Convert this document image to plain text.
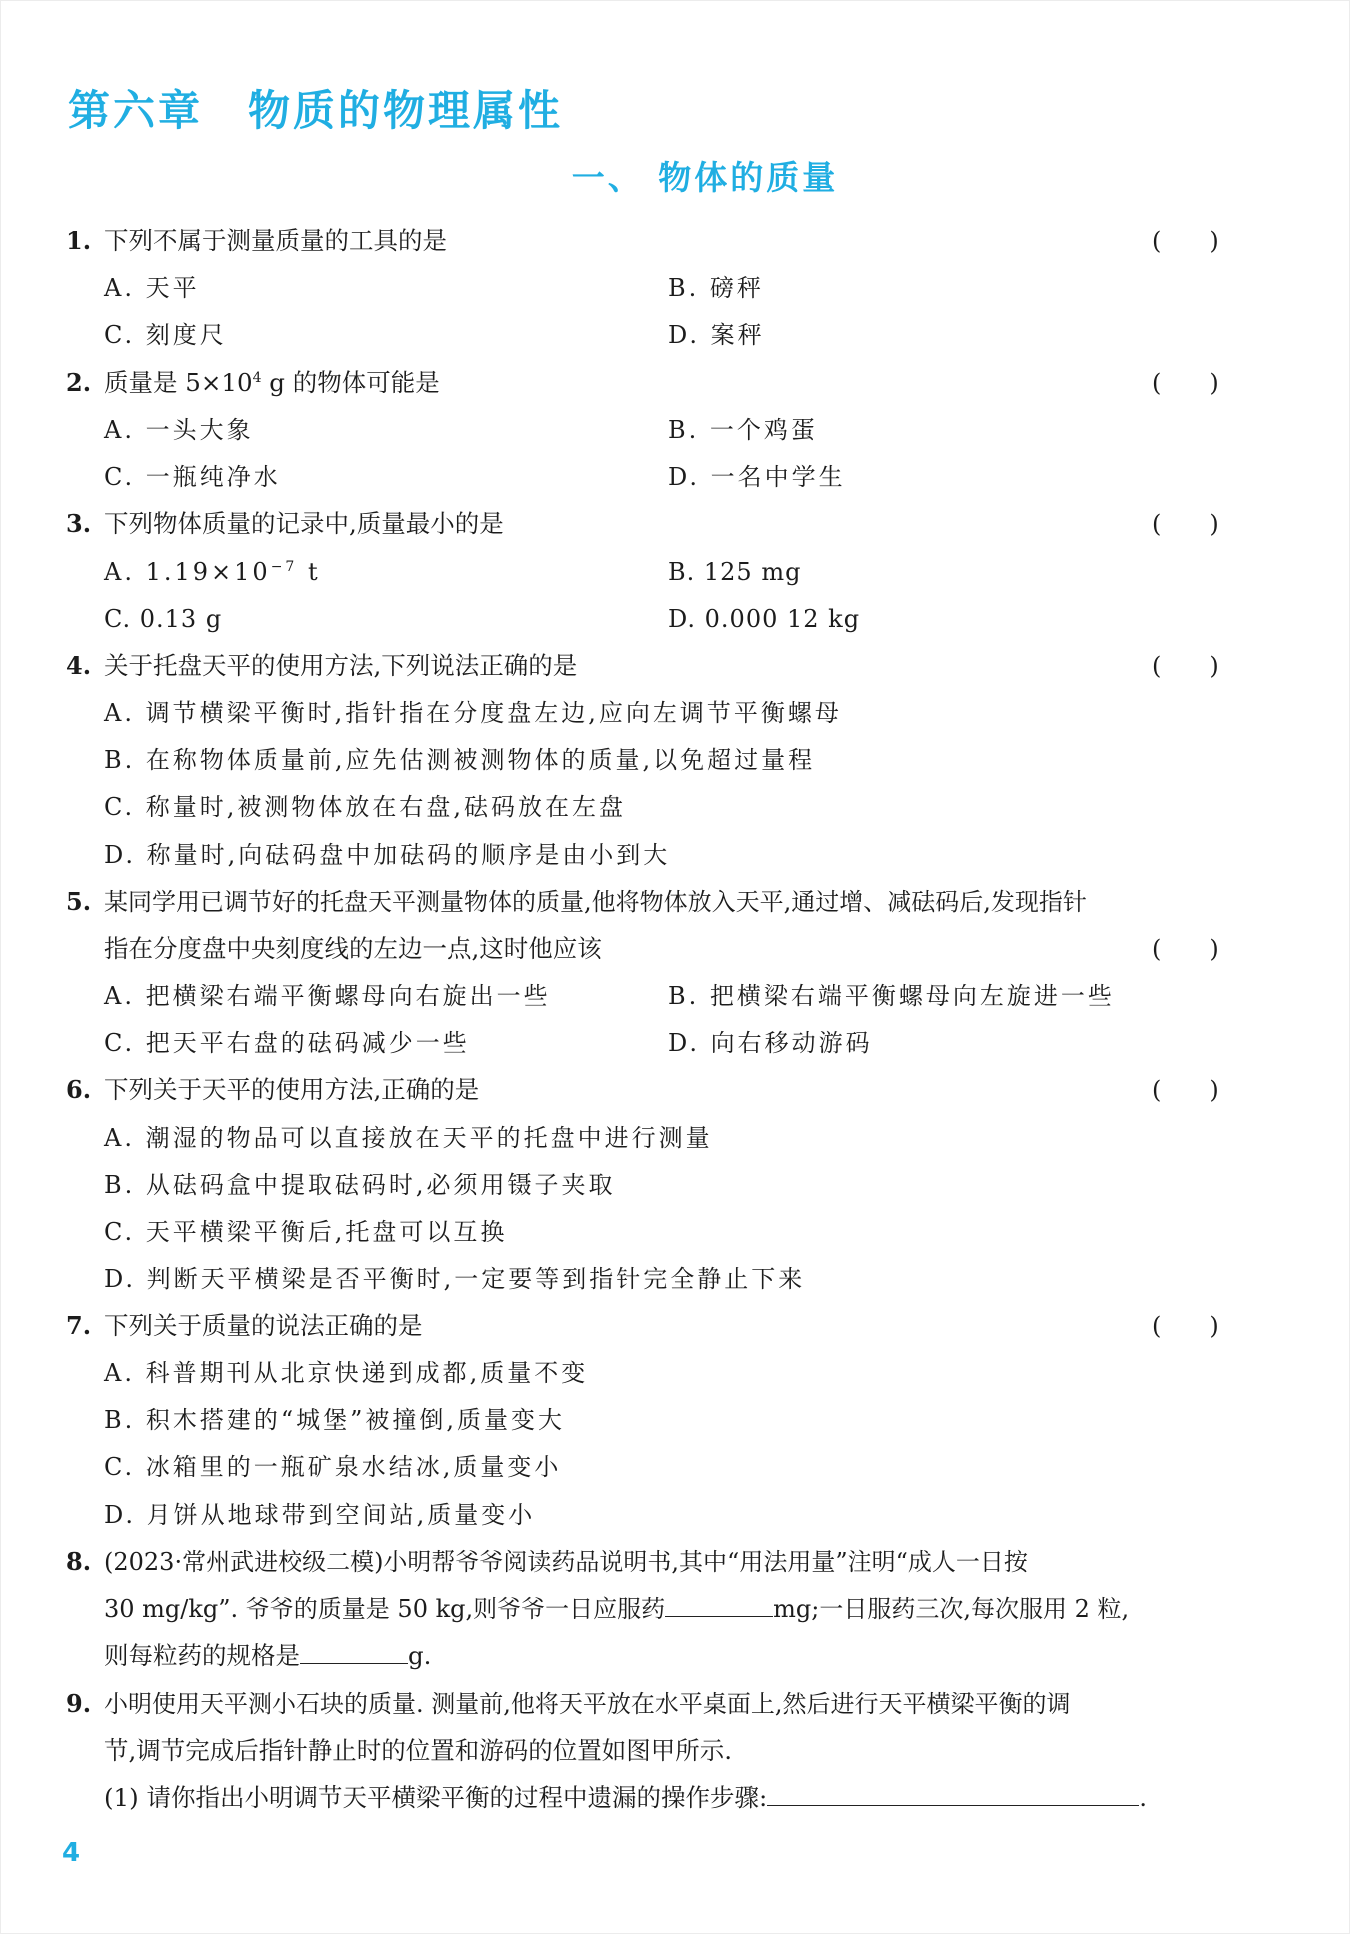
第六章　物质的物理属性
一、 物体的质量
1. 下列不属于测量质量的工具的是	(　　)
A. 天平	B. 磅秤
C. 刻度尺	D. 案秤
2. 质量是 $5\times 10^4$ g 的物体可能是	(　　)
A. 一头大象	B. 一个鸡蛋
C. 一瓶纯净水	D. 一名中学生
3. 下列物体质量的记录中,质量最小的是	(　　)
A. $1.19\times 10^{-7}$ t	B. 125 mg
C. 0.13 g	D. 0.000 12 kg
4. 关于托盘天平的使用方法,下列说法正确的是	(　　)
A. 调节横梁平衡时,指针指在分度盘左边,应向左调节平衡螺母
B. 在称物体质量前,应先估测被测物体的质量,以免超过量程
C. 称量时,被测物体放在右盘,砝码放在左盘
D. 称量时,向砝码盘中加砝码的顺序是由小到大
5. 某同学用已调节好的托盘天平测量物体的质量,他将物体放入天平,通过增、减砝码后,发现指针
指在分度盘中央刻度线的左边一点,这时他应该	(　　)
A. 把横梁右端平衡螺母向右旋出一些	B. 把横梁右端平衡螺母向左旋进一些
C. 把天平右盘的砝码减少一些	D. 向右移动游码
6. 下列关于天平的使用方法,正确的是	(　　)
A. 潮湿的物品可以直接放在天平的托盘中进行测量
B. 从砝码盒中提取砝码时,必须用镊子夹取
C. 天平横梁平衡后,托盘可以互换
D. 判断天平横梁是否平衡时,一定要等到指针完全静止下来
7. 下列关于质量的说法正确的是	(　　)
A. 科普期刊从北京快递到成都,质量不变
B. 积木搭建的“城堡”被撞倒,质量变大
C. 冰箱里的一瓶矿泉水结冰,质量变小
D. 月饼从地球带到空间站,质量变小
8. (2023·常州武进校级二模)小明帮爷爷阅读药品说明书,其中“用法用量”注明“成人一日按
30 mg/kg”. 爷爷的质量是 50 kg,则爷爷一日应服药	mg;一日服药三次,每次服用 2 粒,
则每粒药的规格是	g.
9. 小明使用天平测小石块的质量. 测量前,他将天平放在水平桌面上,然后进行天平横梁平衡的调
节,调节完成后指针静止时的位置和游码的位置如图甲所示.
(1) 请你指出小明调节天平横梁平衡的过程中遗漏的操作步骤:	.
4
